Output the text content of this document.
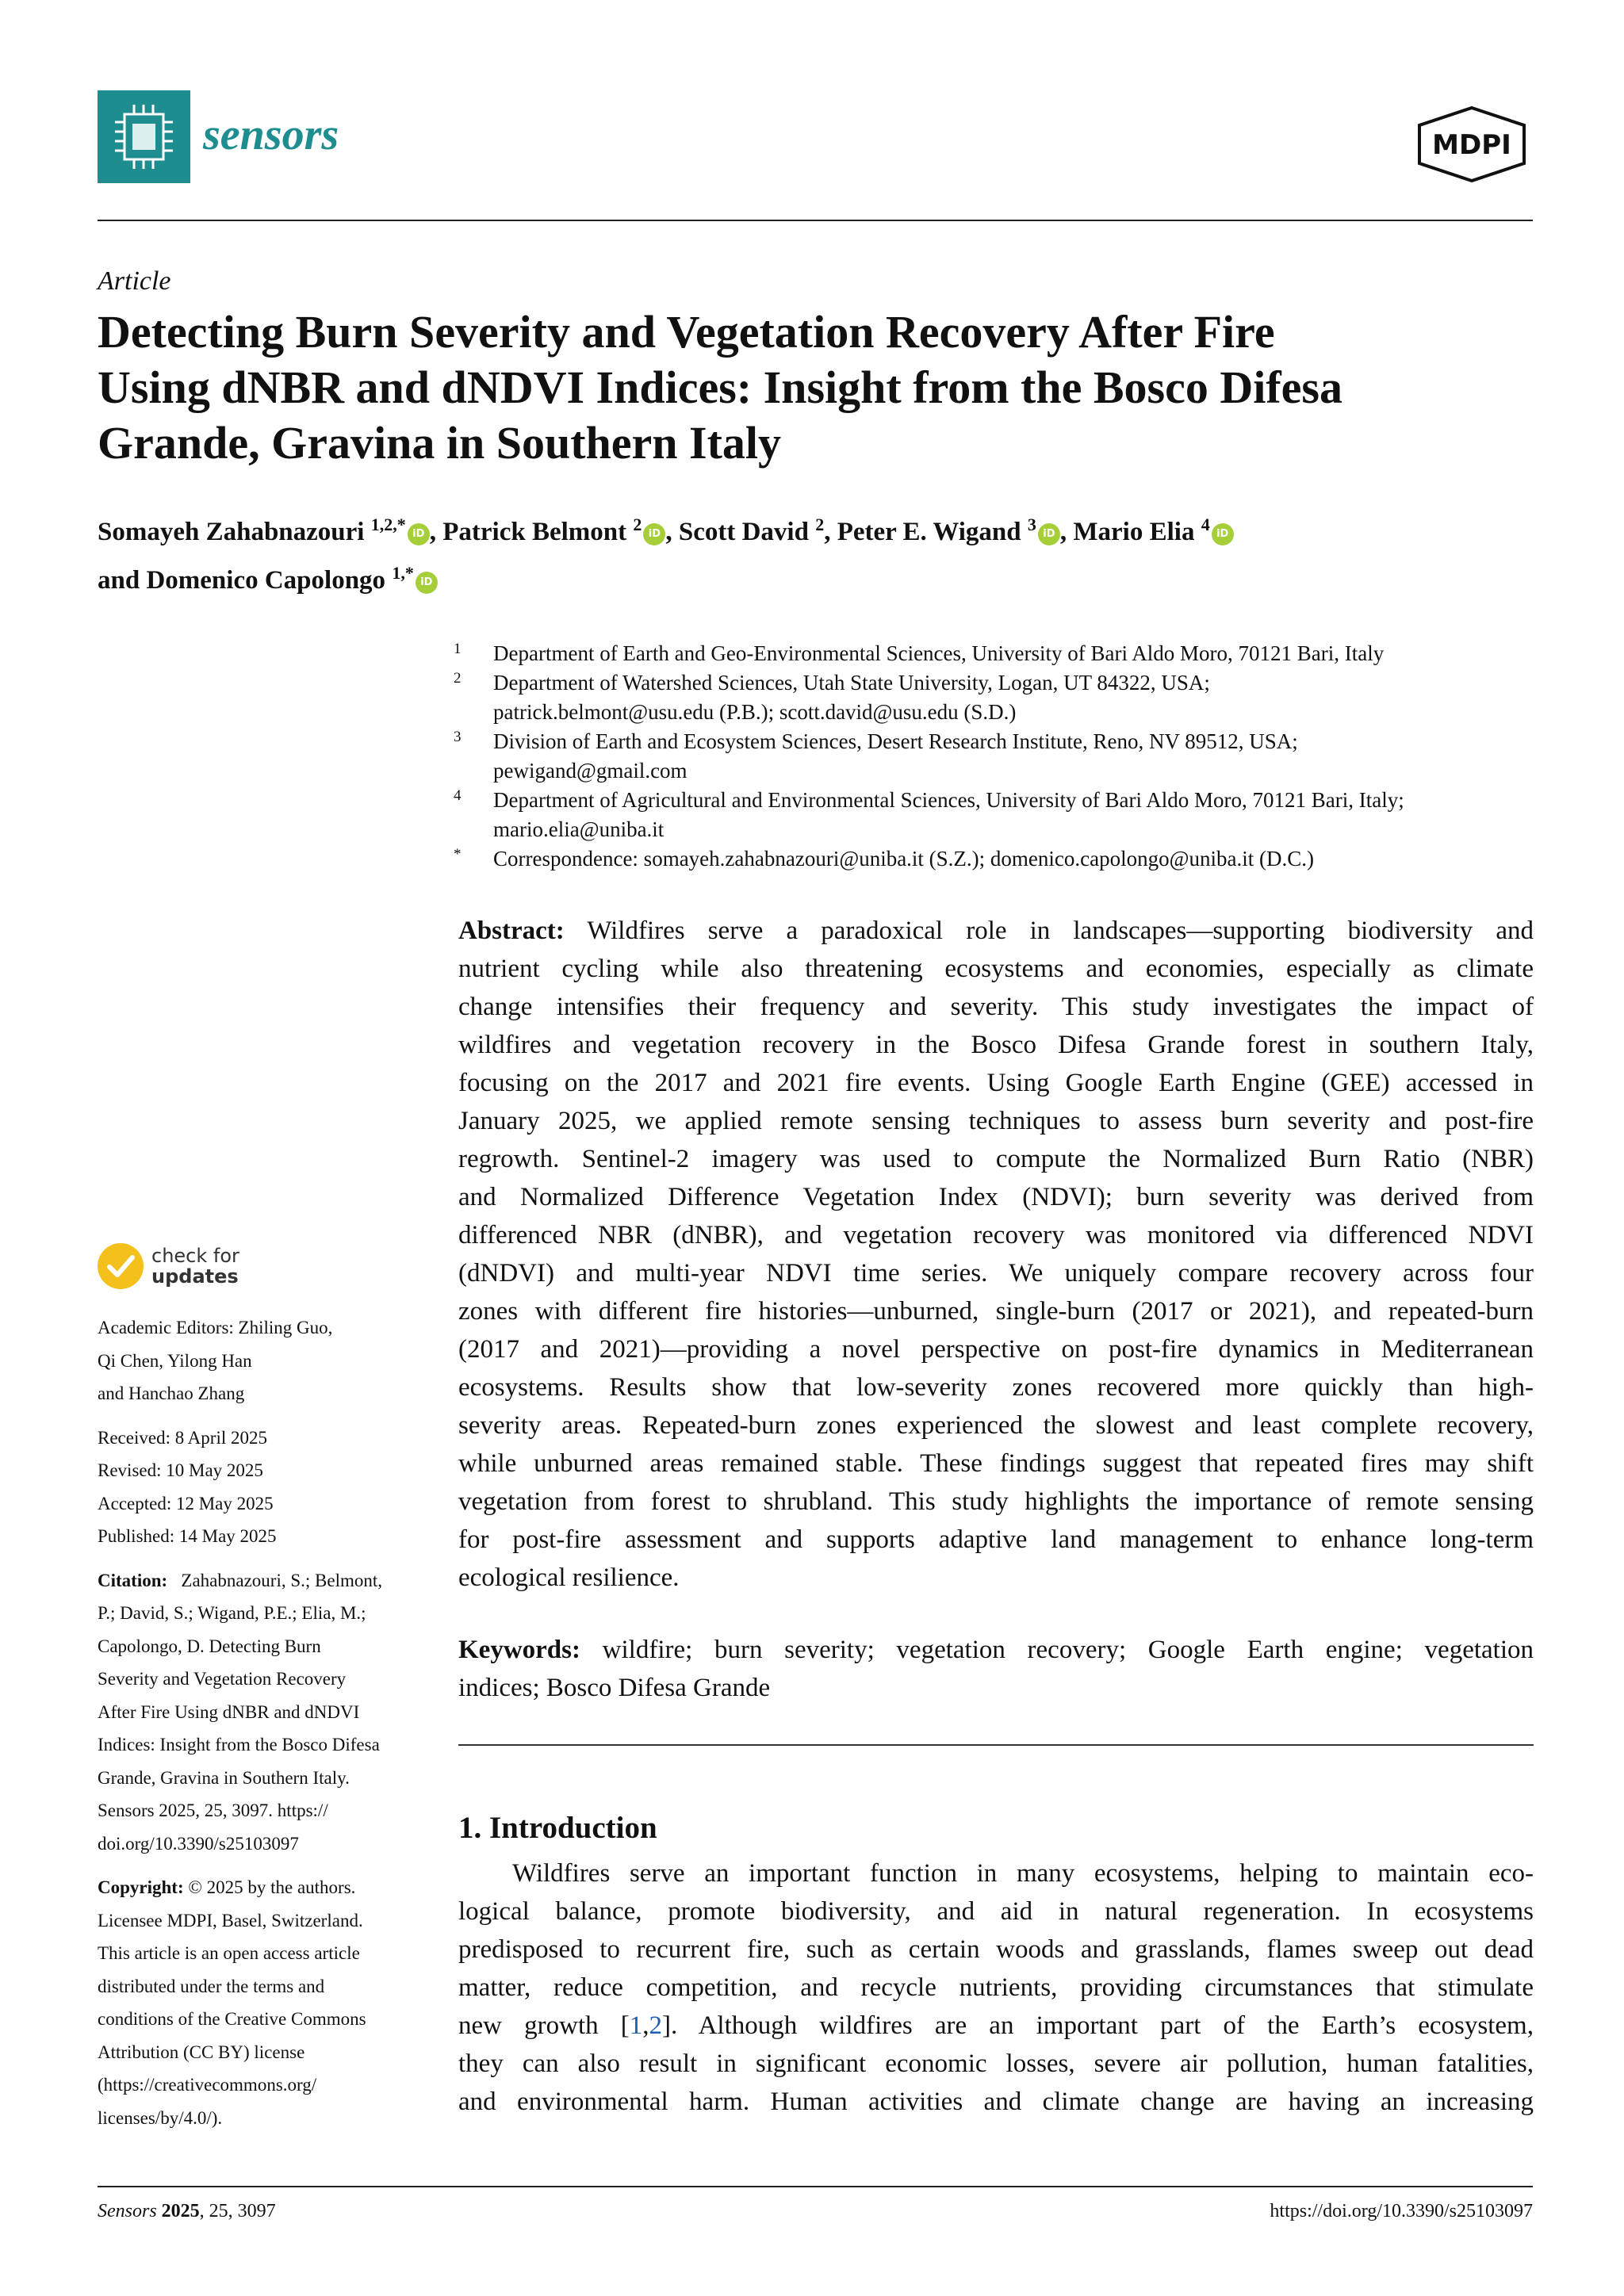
sensors	MDPI
Article
Detecting Burn Severity and Vegetation Recovery After Fire
Using dNBR and dNDVI Indices: Insight from the Bosco Difesa
Grande, Gravina in Southern Italy
Somayeh Zahabnazouri $^{1,2,*}$ iD , Patrick Belmont $^2$ iD , Scott David $^2$, Peter E. Wigand $^3$ iD , Mario Elia $^4$ iD
and Domenico Capolongo $^{1,*}$ iD
1 Department of Earth and Geo-Environmental Sciences, University of Bari Aldo Moro, 70121 Bari, Italy
2 Department of Watershed Sciences, Utah State University, Logan, UT 84322, USA;
patrick.belmont@usu.edu (P.B.); scott.david@usu.edu (S.D.)
3 Division of Earth and Ecosystem Sciences, Desert Research Institute, Reno, NV 89512, USA;
pewigand@gmail.com
4 Department of Agricultural and Environmental Sciences, University of Bari Aldo Moro, 70121 Bari, Italy;
mario.elia@uniba.it
* Correspondence: somayeh.zahabnazouri@uniba.it (S.Z.); domenico.capolongo@uniba.it (D.C.)
Abstract: Wildfires serve a paradoxical role in landscapes—supporting biodiversity and
nutrient cycling while also threatening ecosystems and economies, especially as climate
change intensifies their frequency and severity. This study investigates the impact of
wildfires and vegetation recovery in the Bosco Difesa Grande forest in southern Italy,
focusing on the 2017 and 2021 fire events. Using Google Earth Engine (GEE) accessed in
January 2025, we applied remote sensing techniques to assess burn severity and post-fire
regrowth. Sentinel-2 imagery was used to compute the Normalized Burn Ratio (NBR)
and Normalized Difference Vegetation Index (NDVI); burn severity was derived from
differenced NBR (dNBR), and vegetation recovery was monitored via differenced NDVI
(dNDVI) and multi-year NDVI time series. We uniquely compare recovery across four
zones with different fire histories—unburned, single-burn (2017 or 2021), and repeated-burn
(2017 and 2021)—providing a novel perspective on post-fire dynamics in Mediterranean
ecosystems. Results show that low-severity zones recovered more quickly than high-
severity areas. Repeated-burn zones experienced the slowest and least complete recovery,
while unburned areas remained stable. These findings suggest that repeated fires may shift
vegetation from forest to shrubland. This study highlights the importance of remote sensing
for post-fire assessment and supports adaptive land management to enhance long-term
ecological resilience.
Keywords: wildfire; burn severity; vegetation recovery; Google Earth engine; vegetation
indices; Bosco Difesa Grande
1. Introduction
Wildfires serve an important function in many ecosystems, helping to maintain eco-
logical balance, promote biodiversity, and aid in natural regeneration. In ecosystems
predisposed to recurrent fire, such as certain woods and grasslands, flames sweep out dead
matter, reduce competition, and recycle nutrients, providing circumstances that stimulate
new growth [1,2]. Although wildfires are an important part of the Earth’s ecosystem,
they can also result in significant economic losses, severe air pollution, human fatalities,
and environmental harm. Human activities and climate change are having an increasing
check for
updates
Academic Editors: Zhiling Guo,
Qi Chen, Yilong Han
and Hanchao Zhang
Received: 8 April 2025
Revised: 10 May 2025
Accepted: 12 May 2025
Published: 14 May 2025
Citation: Zahabnazouri, S.; Belmont,
P.; David, S.; Wigand, P.E.; Elia, M.;
Capolongo, D. Detecting Burn
Severity and Vegetation Recovery
After Fire Using dNBR and dNDVI
Indices: Insight from the Bosco Difesa
Grande, Gravina in Southern Italy.
Sensors 2025, 25, 3097. https://
doi.org/10.3390/s25103097
Copyright: © 2025 by the authors.
Licensee MDPI, Basel, Switzerland.
This article is an open access article
distributed under the terms and
conditions of the Creative Commons
Attribution (CC BY) license
(https://creativecommons.org/
licenses/by/4.0/).
Sensors 2025, 25, 3097	https://doi.org/10.3390/s25103097
